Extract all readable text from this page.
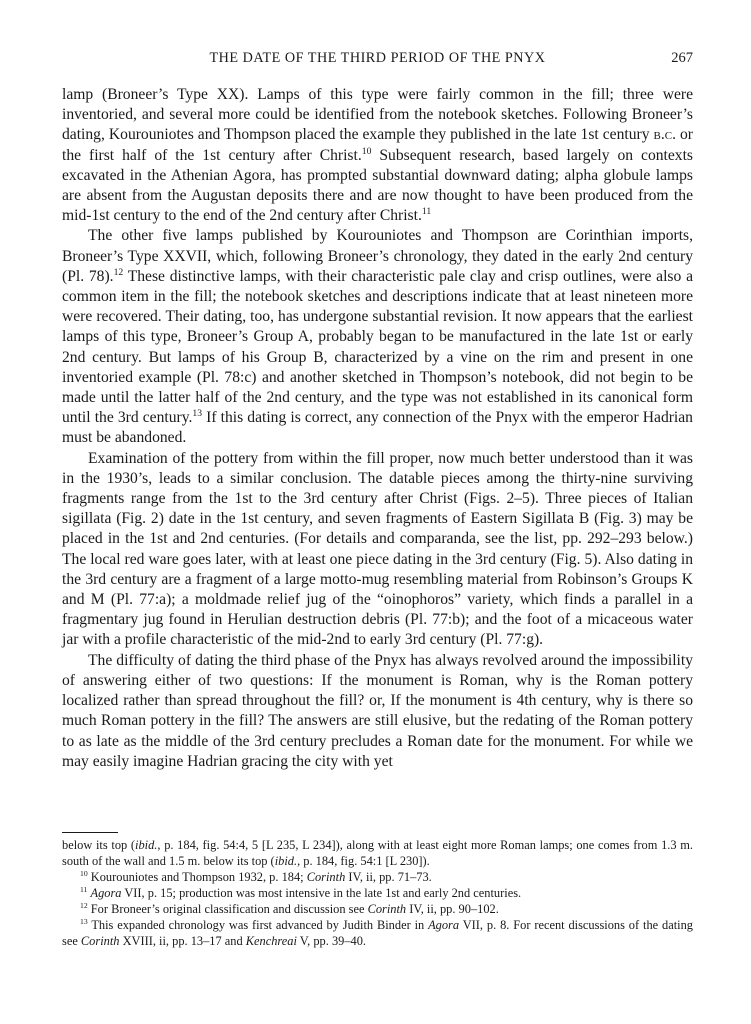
THE DATE OF THE THIRD PERIOD OF THE PNYX	267

lamp (Broneer’s Type XX). Lamps of this type were fairly common in the fill; three were inventoried, and several more could be identified from the notebook sketches. Following Broneer’s dating, Kourouniotes and Thompson placed the example they published in the late 1st century b.c. or the first half of the 1st century after Christ.$^{10}$ Subsequent research, based largely on contexts excavated in the Athenian Agora, has prompted substantial downward dating; alpha globule lamps are absent from the Augustan deposits there and are now thought to have been produced from the mid-1st century to the end of the 2nd century after Christ.$^{11}$

The other five lamps published by Kourouniotes and Thompson are Corinthian imports, Broneer’s Type XXVII, which, following Broneer’s chronology, they dated in the early 2nd century (Pl. 78).$^{12}$ These distinctive lamps, with their characteristic pale clay and crisp outlines, were also a common item in the fill; the notebook sketches and descriptions indicate that at least nineteen more were recovered. Their dating, too, has undergone substantial revision. It now appears that the earliest lamps of this type, Broneer’s Group A, probably began to be manufactured in the late 1st or early 2nd century. But lamps of his Group B, characterized by a vine on the rim and present in one inventoried example (Pl. 78:c) and another sketched in Thompson’s notebook, did not begin to be made until the latter half of the 2nd century, and the type was not established in its canonical form until the 3rd century.$^{13}$ If this dating is correct, any connection of the Pnyx with the emperor Hadrian must be abandoned.

Examination of the pottery from within the fill proper, now much better understood than it was in the 1930’s, leads to a similar conclusion. The datable pieces among the thirty-nine surviving fragments range from the 1st to the 3rd century after Christ (Figs. 2–5). Three pieces of Italian sigillata (Fig. 2) date in the 1st century, and seven fragments of Eastern Sigillata B (Fig. 3) may be placed in the 1st and 2nd centuries. (For details and comparanda, see the list, pp. 292–293 below.) The local red ware goes later, with at least one piece dating in the 3rd century (Fig. 5). Also dating in the 3rd century are a fragment of a large motto-mug resembling material from Robinson’s Groups K and M (Pl. 77:a); a moldmade relief jug of the “oinophoros” variety, which finds a parallel in a fragmentary jug found in Herulian destruction debris (Pl. 77:b); and the foot of a micaceous water jar with a profile characteristic of the mid-2nd to early 3rd century (Pl. 77:g).

The difficulty of dating the third phase of the Pnyx has always revolved around the impossibility of answering either of two questions: If the monument is Roman, why is the Roman pottery localized rather than spread throughout the fill? or, If the monument is 4th century, why is there so much Roman pottery in the fill? The answers are still elusive, but the redating of the Roman pottery to as late as the middle of the 3rd century precludes a Roman date for the monument. For while we may easily imagine Hadrian gracing the city with yet

below its top (ibid., p. 184, fig. 54:4, 5 [L 235, L 234]), along with at least eight more Roman lamps; one comes from 1.3 m. south of the wall and 1.5 m. below its top (ibid., p. 184, fig. 54:1 [L 230]).

$^{10}$ Kourouniotes and Thompson 1932, p. 184; Corinth IV, ii, pp. 71–73.

$^{11}$ Agora VII, p. 15; production was most intensive in the late 1st and early 2nd centuries.

$^{12}$ For Broneer’s original classification and discussion see Corinth IV, ii, pp. 90–102.

$^{13}$ This expanded chronology was first advanced by Judith Binder in Agora VII, p. 8. For recent discussions of the dating see Corinth XVIII, ii, pp. 13–17 and Kenchreai V, pp. 39–40.
